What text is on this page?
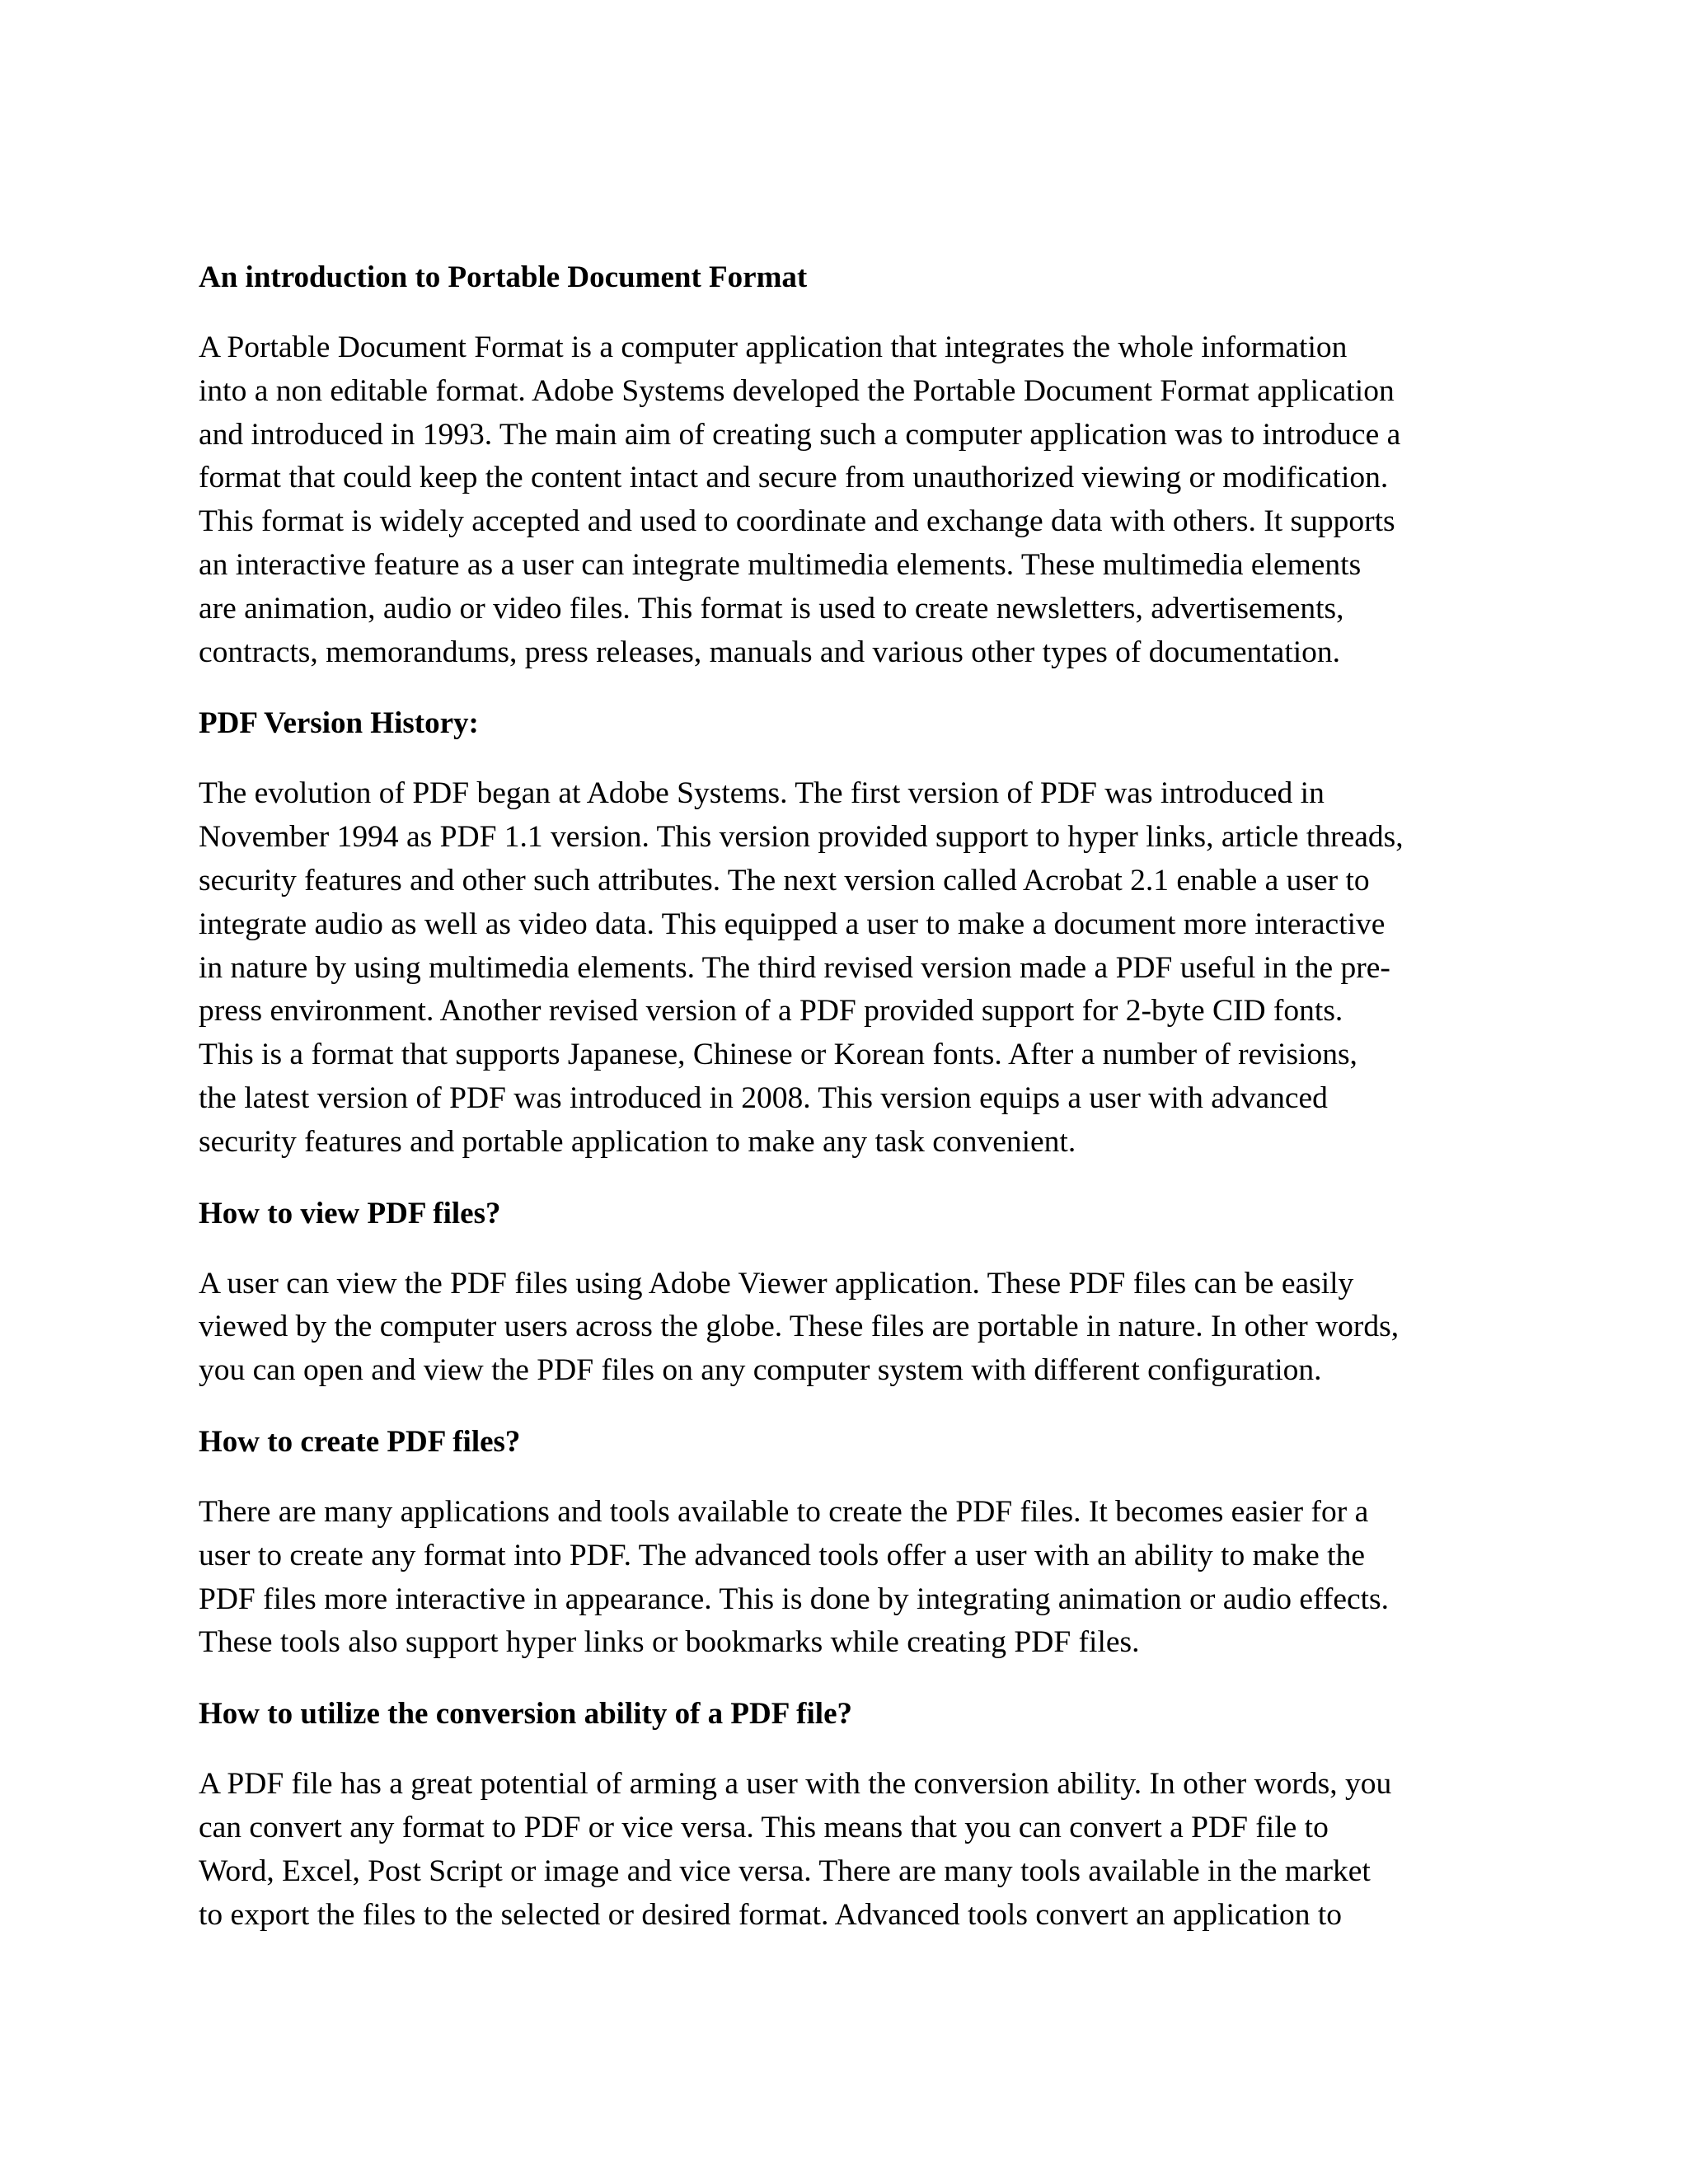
An introduction to Portable Document Format
A Portable Document Format is a computer application that integrates the whole information
into a non editable format. Adobe Systems developed the Portable Document Format application
and introduced in 1993. The main aim of creating such a computer application was to introduce a
format that could keep the content intact and secure from unauthorized viewing or modification.
This format is widely accepted and used to coordinate and exchange data with others. It supports
an interactive feature as a user can integrate multimedia elements. These multimedia elements
are animation, audio or video files. This format is used to create newsletters, advertisements,
contracts, memorandums, press releases, manuals and various other types of documentation.
PDF Version History:
The evolution of PDF began at Adobe Systems. The first version of PDF was introduced in
November 1994 as PDF 1.1 version. This version provided support to hyper links, article threads,
security features and other such attributes. The next version called Acrobat 2.1 enable a user to
integrate audio as well as video data. This equipped a user to make a document more interactive
in nature by using multimedia elements. The third revised version made a PDF useful in the pre-
press environment. Another revised version of a PDF provided support for 2-byte CID fonts.
This is a format that supports Japanese, Chinese or Korean fonts. After a number of revisions,
the latest version of PDF was introduced in 2008. This version equips a user with advanced
security features and portable application to make any task convenient.
How to view PDF files?
A user can view the PDF files using Adobe Viewer application. These PDF files can be easily
viewed by the computer users across the globe. These files are portable in nature. In other words,
you can open and view the PDF files on any computer system with different configuration.
How to create PDF files?
There are many applications and tools available to create the PDF files. It becomes easier for a
user to create any format into PDF. The advanced tools offer a user with an ability to make the
PDF files more interactive in appearance. This is done by integrating animation or audio effects.
These tools also support hyper links or bookmarks while creating PDF files.
How to utilize the conversion ability of a PDF file?
A PDF file has a great potential of arming a user with the conversion ability. In other words, you
can convert any format to PDF or vice versa. This means that you can convert a PDF file to
Word, Excel, Post Script or image and vice versa. There are many tools available in the market
to export the files to the selected or desired format. Advanced tools convert an application to
